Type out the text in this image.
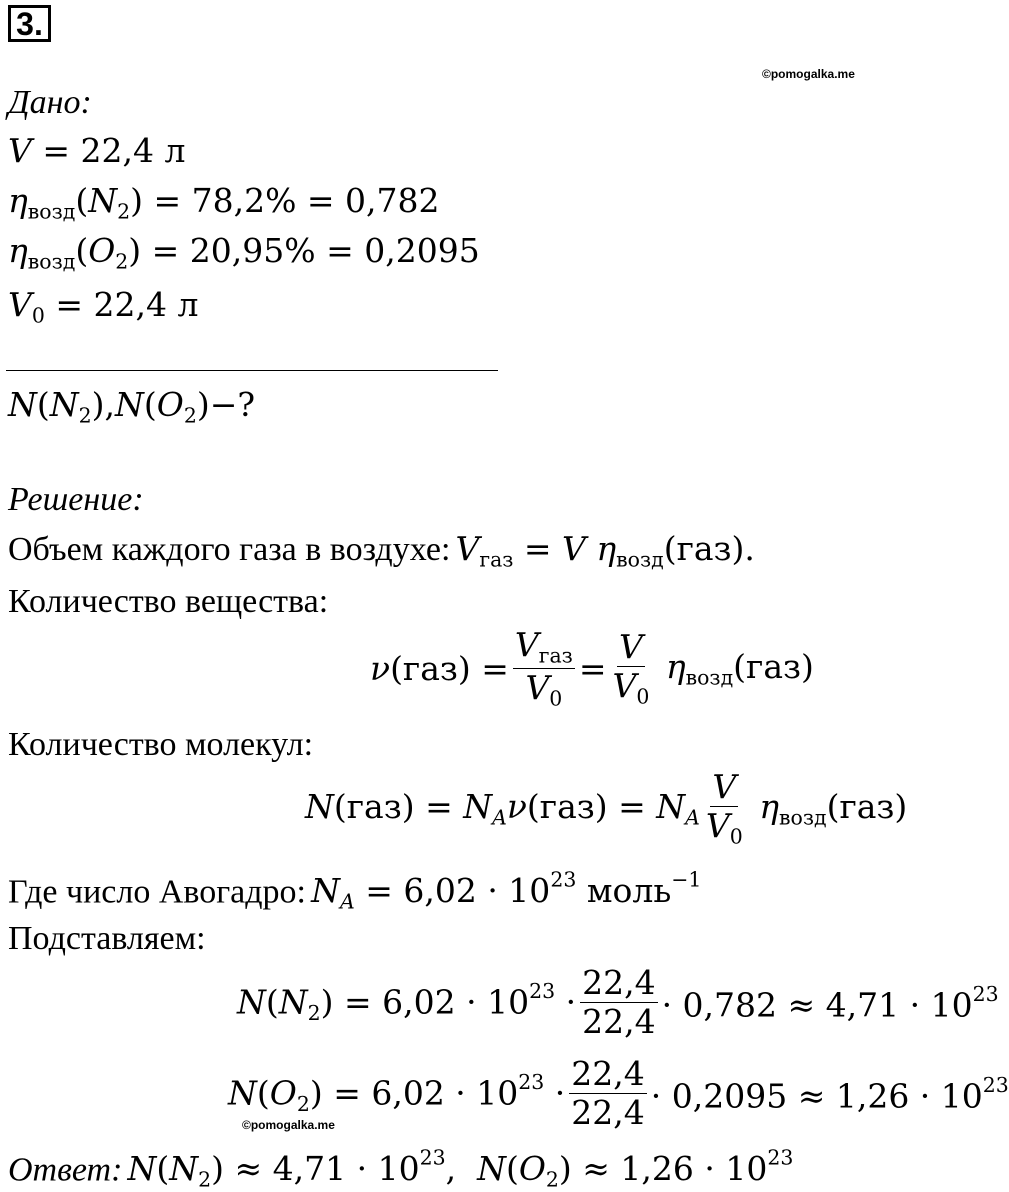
3.
©pomogalka.me
Дано:
V = 22,4 л
$\eta_{возд}(N_2) = 78,2\% = 0,782$
$\eta_{возд}(O_2) = 20,95\% = 0,2095$
$V_0 = 22,4$ л
$N(N_2),N(O_2)-$?
Решение:
Объем каждого газа в воздухе: $V_{газ} = V$ $\eta_{возд}(газ)$.
Количество вещества:
$\nu(газ) = \frac{V_{газ}}{V_0} = \frac{V}{V_0} \eta_{возд}(газ)$
Количество молекул:
$N(газ) = N_A\nu(газ) = N_A \frac{V}{V_0} \eta_{возд}(газ)$
Где число Авогадро: $N_A = 6,02 \cdot 10^{23}$ моль$^{-1}$
Подставляем:
$N(N_2) = 6,02 \cdot 10^{23} \cdot \frac{22,4}{22,4} \cdot 0,782 \approx 4,71 \cdot 10^{23}$
$N(O_2) = 6,02 \cdot 10^{23} \cdot \frac{22,4}{22,4} \cdot 0,2095 \approx 1,26 \cdot 10^{23}$
©pomogalka.me
Ответ: $N(N_2) \approx 4,71 \cdot 10^{23}$,  $N(O_2) \approx 1,26 \cdot 10^{23}$
